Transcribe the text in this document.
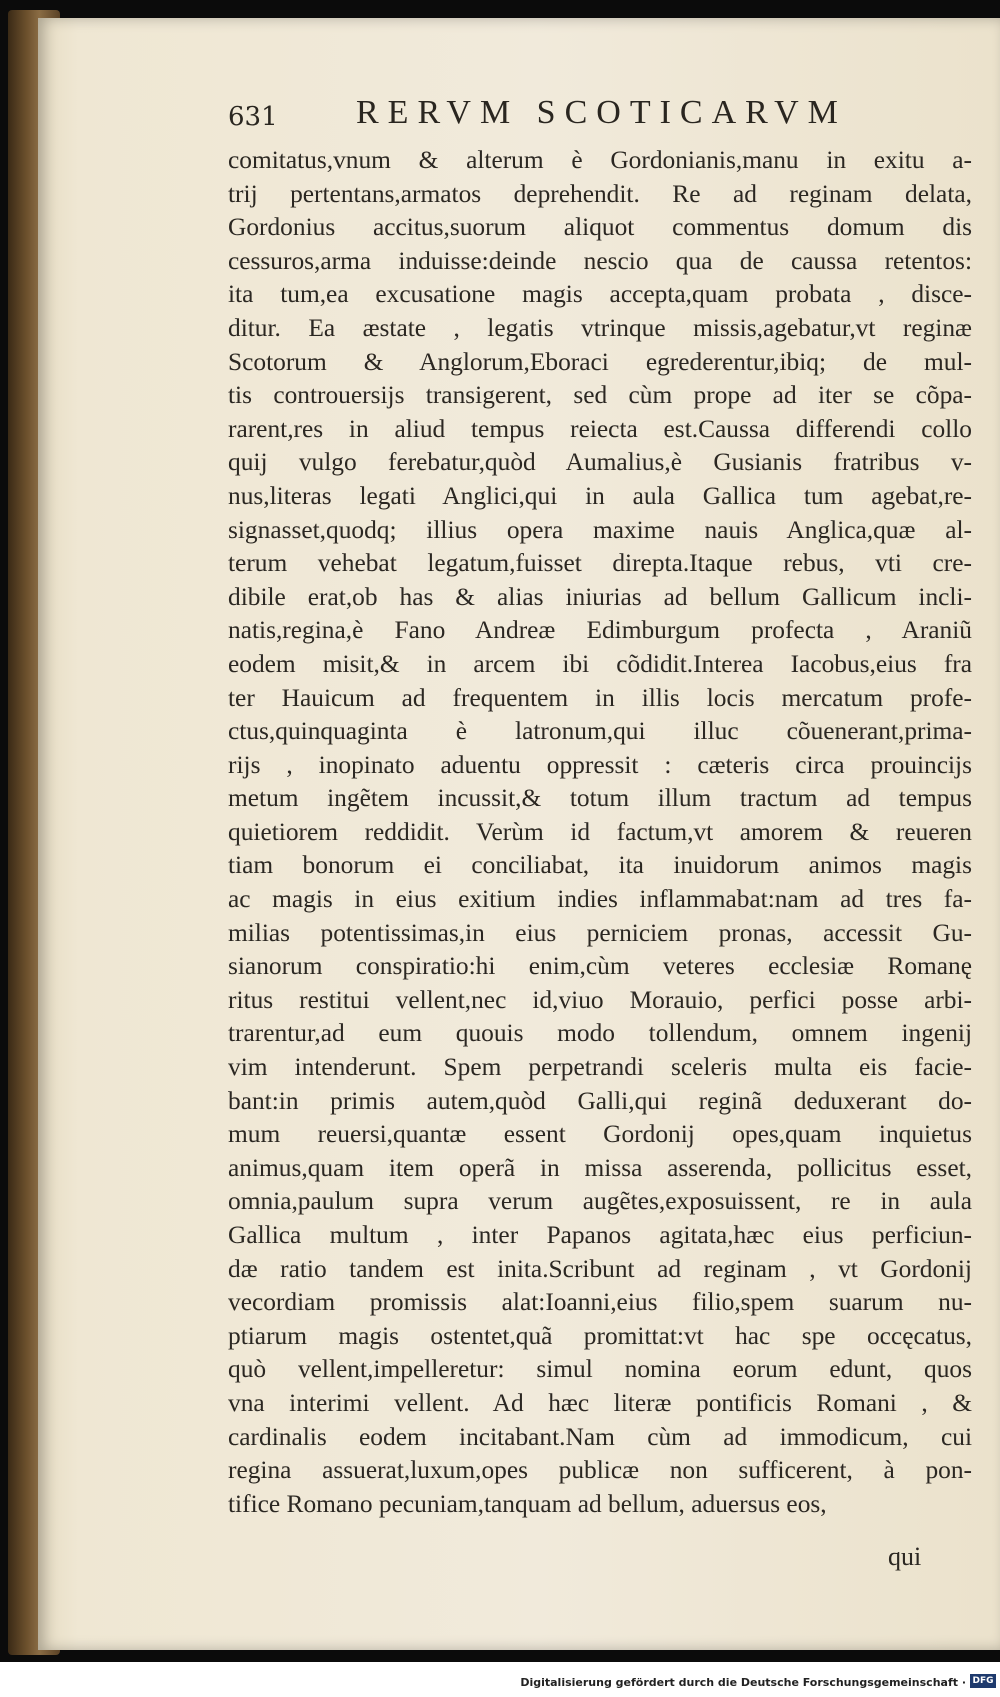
631 RERVM SCOTICARVM
comitatus,vnum & alterum è Gordonianis,manu in exitu a-
trij pertentans,armatos deprehendit. Re ad reginam delata,
Gordonius accitus,suorum aliquot commentus domum dis
cessuros,arma induisse:deinde nescio qua de caussa retentos:
ita tum,ea excusatione magis accepta,quam probata , disce-
ditur. Ea æstate , legatis vtrinque missis,agebatur,vt reginæ
Scotorum & Anglorum,Eboraci egrederentur,ibiq; de mul-
tis controuersijs transigerent, sed cùm prope ad iter se cõpa-
rarent,res in aliud tempus reiecta est.Caussa differendi collo
quij vulgo ferebatur,quòd Aumalius,è Gusianis fratribus v-
nus,literas legati Anglici,qui in aula Gallica tum agebat,re-
signasset,quodq; illius opera maxime nauis Anglica,quæ al-
terum vehebat legatum,fuisset direpta.Itaque rebus, vti cre-
dibile erat,ob has & alias iniurias ad bellum Gallicum incli-
natis,regina,è Fano Andreæ Edimburgum profecta , Araniũ
eodem misit,& in arcem ibi cõdidit.Interea Iacobus,eius fra
ter Hauicum ad frequentem in illis locis mercatum profe-
ctus,quinquaginta è latronum,qui illuc cõuenerant,prima-
rijs , inopinato aduentu oppressit : cæteris circa prouincijs
metum ingẽtem incussit,& totum illum tractum ad tempus
quietiorem reddidit. Verùm id factum,vt amorem & reueren
tiam bonorum ei conciliabat, ita inuidorum animos magis
ac magis in eius exitium indies inflammabat:nam ad tres fa-
milias potentissimas,in eius perniciem pronas, accessit Gu-
sianorum conspiratio:hi enim,cùm veteres ecclesiæ Romanę
ritus restitui vellent,nec id,viuo Morauio, perfici posse arbi-
trarentur,ad eum quouis modo tollendum, omnem ingenij
vim intenderunt. Spem perpetrandi sceleris multa eis facie-
bant:in primis autem,quòd Galli,qui reginã deduxerant do-
mum reuersi,quantæ essent Gordonij opes,quam inquietus
animus,quam item operã in missa asserenda, pollicitus esset,
omnia,paulum supra verum augẽtes,exposuissent, re in aula
Gallica multum , inter Papanos agitata,hæc eius perficiun-
dæ ratio tandem est inita.Scribunt ad reginam , vt Gordonij
vecordiam promissis alat:Ioanni,eius filio,spem suarum nu-
ptiarum magis ostentet,quã promittat:vt hac spe occęcatus,
quò vellent,impelleretur: simul nomina eorum edunt, quos
vna interimi vellent. Ad hæc literæ pontificis Romani , &
cardinalis eodem incitabant.Nam cùm ad immodicum, cui
regina assuerat,luxum,opes publicæ non sufficerent, à pon-
tifice Romano pecuniam,tanquam ad bellum, aduersus eos,
qui
Digitalisierung gefördert durch die Deutsche Forschungsgemeinschaft · DFG
